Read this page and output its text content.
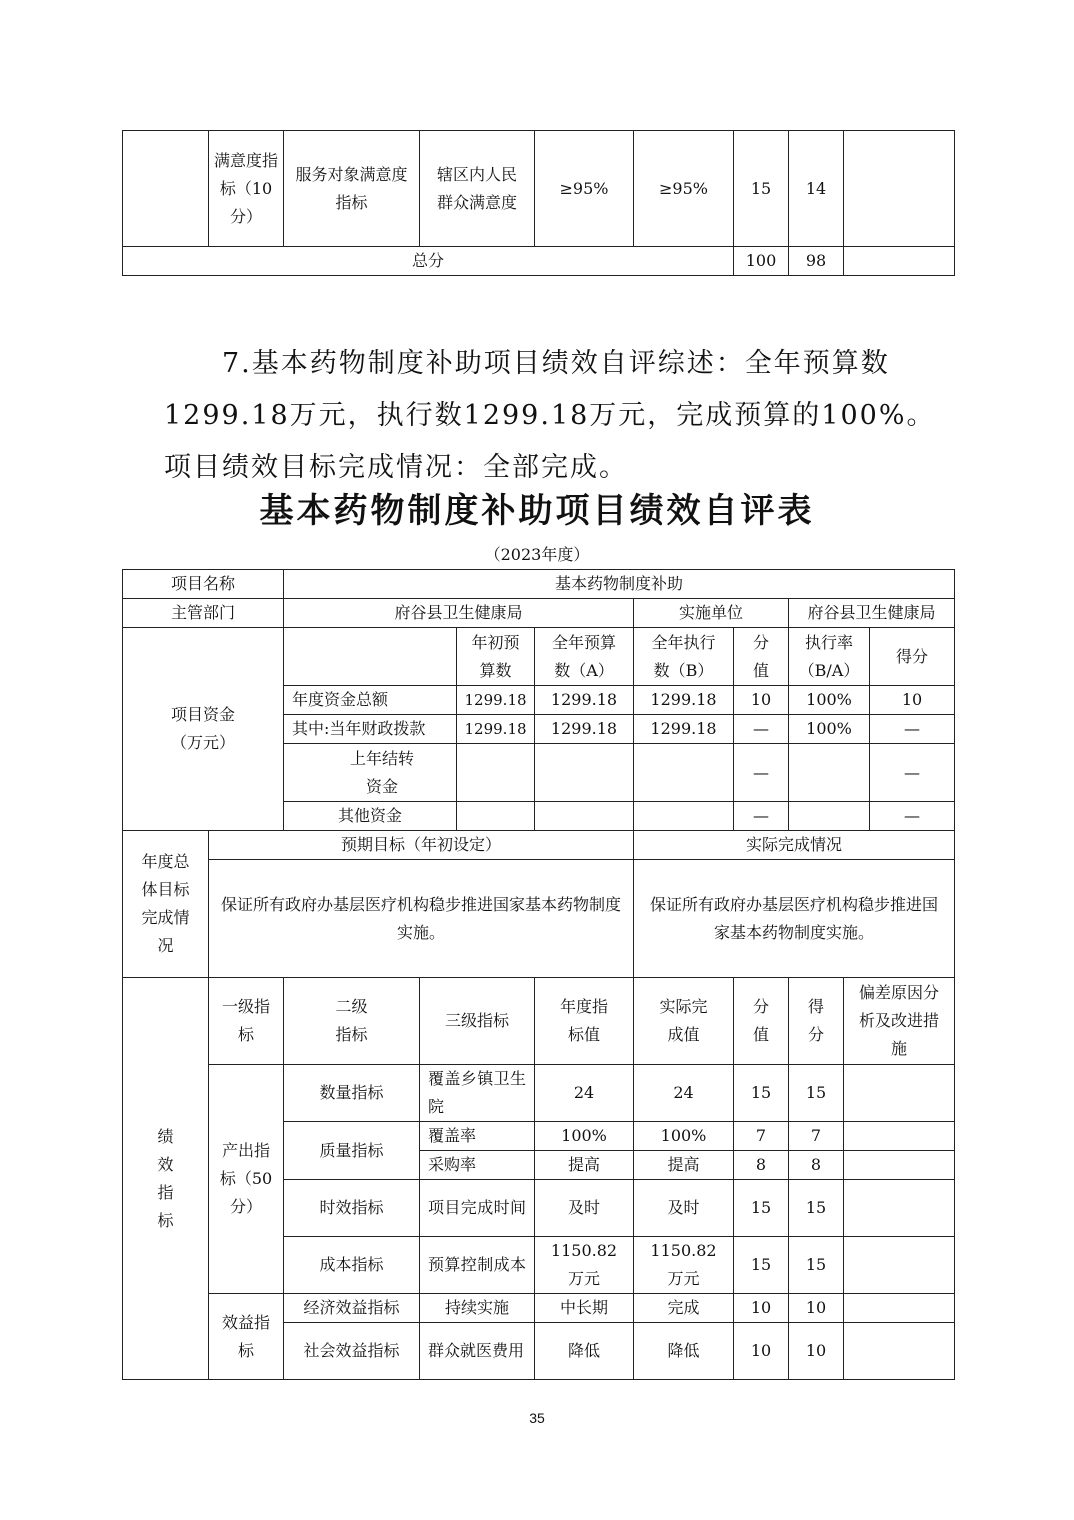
	满意度指标（10分）	服务对象满意度指标	辖区内人民群众满意度	≥95%	≥95%	15	14	
总分						100	98	

7.基本药物制度补助项目绩效自评综述：全年预算数1299.18万元，执行数1299.18万元，完成预算的100%。项目绩效目标完成情况：全部完成。

基本药物制度补助项目绩效自评表
（2023年度）
项目名称		基本药物制度补助								
主管部门		府谷县卫生健康局				实施单位		府谷县卫生健康局		
项目资金（万元）				年初预算数	全年预算数（A）	全年执行数（B）	分值	执行率（B/A）		得分
		年度资金总额		1299.18	1299.18	1299.18	10	100%		10
		其中:当年财政拨款		1299.18	1299.18	1299.18	—	100%		—
		上年结转资金					—			—
		其他资金					—			—
年度总体目标完成情况	预期目标（年初设定）					实际完成情况				
	保证所有政府办基层医疗机构稳步推进国家基本药物制度实施。					保证所有政府办基层医疗机构稳步推进国家基本药物制度实施。				
绩效指标	一级指标	二级指标	三级指标		年度指标值	实际完成值	分值	得分	偏差原因分析及改进措施	
	产出指标（50分）	数量指标	覆盖乡镇卫生院		24	24	15	15		
		质量指标	覆盖率		100%	100%	7	7		
			采购率		提高	提高	8	8		
		时效指标	项目完成时间		及时	及时	15	15		
		成本指标	预算控制成本		1150.82万元	1150.82万元	15	15		
	效益指标	经济效益指标	持续实施		中长期	完成	10	10		
		社会效益指标	群众就医费用		降低	降低	10	10		
35
